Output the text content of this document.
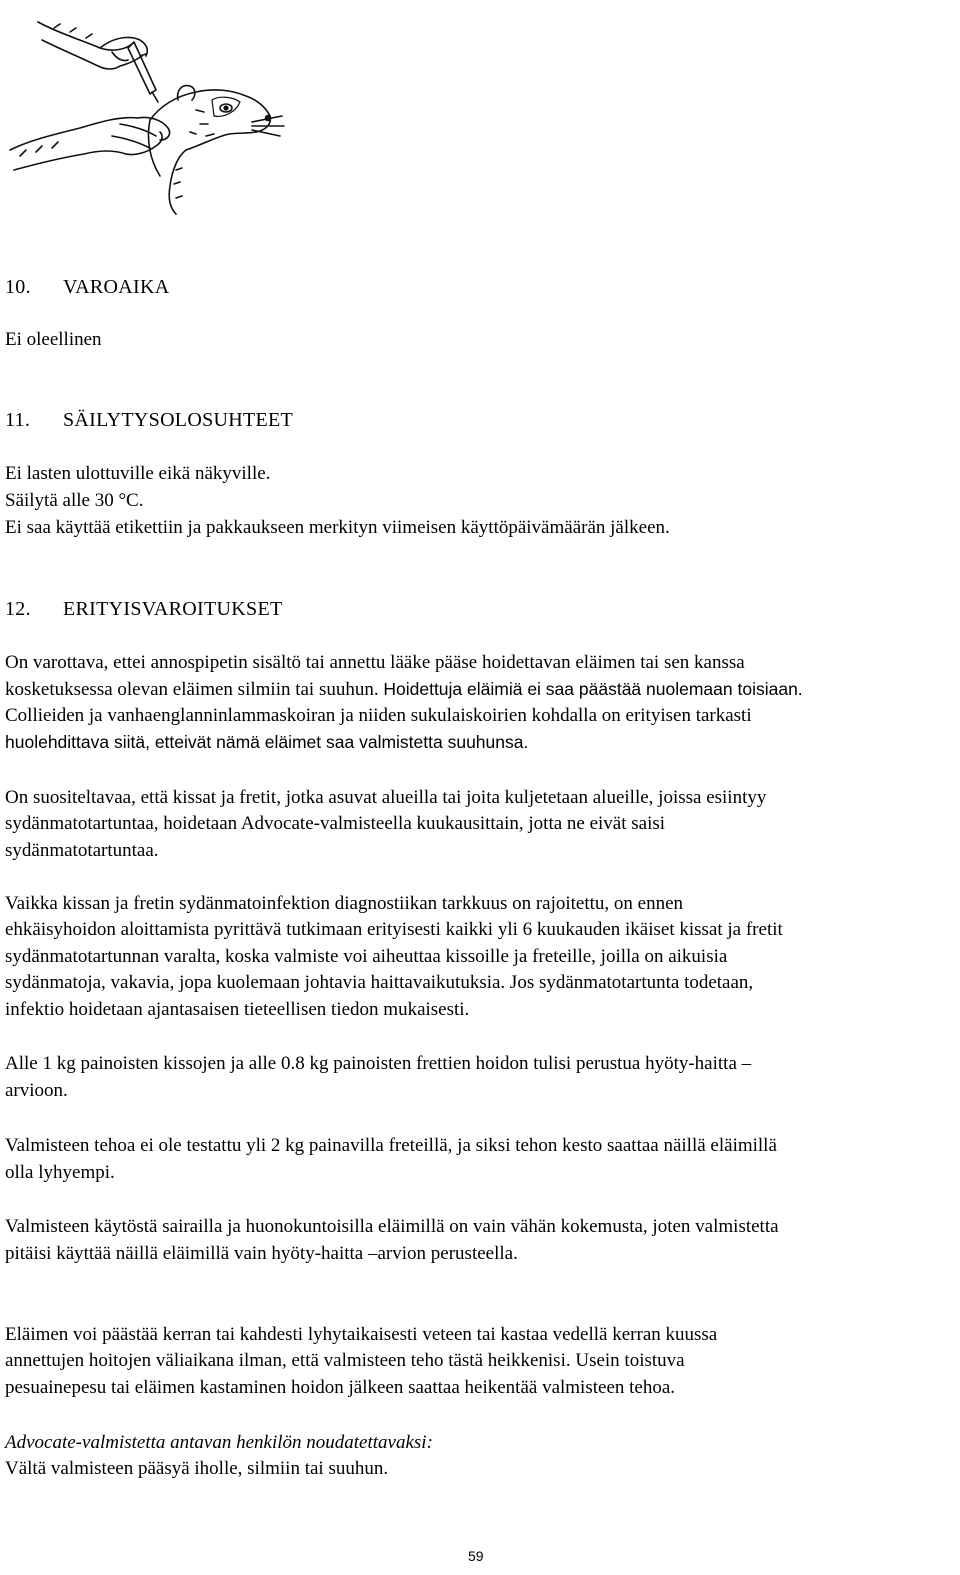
10. VAROAIKA
Ei oleellinen
11. SÄILYTYSOLOSUHTEET
Ei lasten ulottuville eikä näkyville.
Säilytä alle 30 °C.
Ei saa käyttää etikettiin ja pakkaukseen merkityn viimeisen käyttöpäivämäärän jälkeen.
12. ERITYISVAROITUKSET
On varottava, ettei annospipetin sisältö tai annettu lääke pääse hoidettavan eläimen tai sen kanssa
kosketuksessa olevan eläimen silmiin tai suuhun. Hoidettuja eläimiä ei saa päästää nuolemaan toisiaan.
Collieiden ja vanhaenglanninlammaskoiran ja niiden sukulaiskoirien kohdalla on erityisen tarkasti
huolehdittava siitä, etteivät nämä eläimet saa valmistetta suuhunsa.
On suositeltavaa, että kissat ja fretit, jotka asuvat alueilla tai joita kuljetetaan alueille, joissa esiintyy
sydänmatotartuntaa, hoidetaan Advocate-valmisteella kuukausittain, jotta ne eivät saisi
sydänmatotartuntaa.
Vaikka kissan ja fretin sydänmatoinfektion diagnostiikan tarkkuus on rajoitettu, on ennen
ehkäisyhoidon aloittamista pyrittävä tutkimaan erityisesti kaikki yli 6 kuukauden ikäiset kissat ja fretit
sydänmatotartunnan varalta, koska valmiste voi aiheuttaa kissoille ja freteille, joilla on aikuisia
sydänmatoja, vakavia, jopa kuolemaan johtavia haittavaikutuksia. Jos sydänmatotartunta todetaan,
infektio hoidetaan ajantasaisen tieteellisen tiedon mukaisesti.
Alle 1 kg painoisten kissojen ja alle 0.8 kg painoisten frettien hoidon tulisi perustua hyöty-haitta –
arvioon.
Valmisteen tehoa ei ole testattu yli 2 kg painavilla freteillä, ja siksi tehon kesto saattaa näillä eläimillä
olla lyhyempi.
Valmisteen käytöstä sairailla ja huonokuntoisilla eläimillä on vain vähän kokemusta, joten valmistetta
pitäisi käyttää näillä eläimillä vain hyöty-haitta –arvion perusteella.
Eläimen voi päästää kerran tai kahdesti lyhytaikaisesti veteen tai kastaa vedellä kerran kuussa
annettujen hoitojen väliaikana ilman, että valmisteen teho tästä heikkenisi. Usein toistuva
pesuainepesu tai eläimen kastaminen hoidon jälkeen saattaa heikentää valmisteen tehoa.
Advocate-valmistetta antavan henkilön noudatettavaksi:
Vältä valmisteen pääsyä iholle, silmiin tai suuhun.
59
